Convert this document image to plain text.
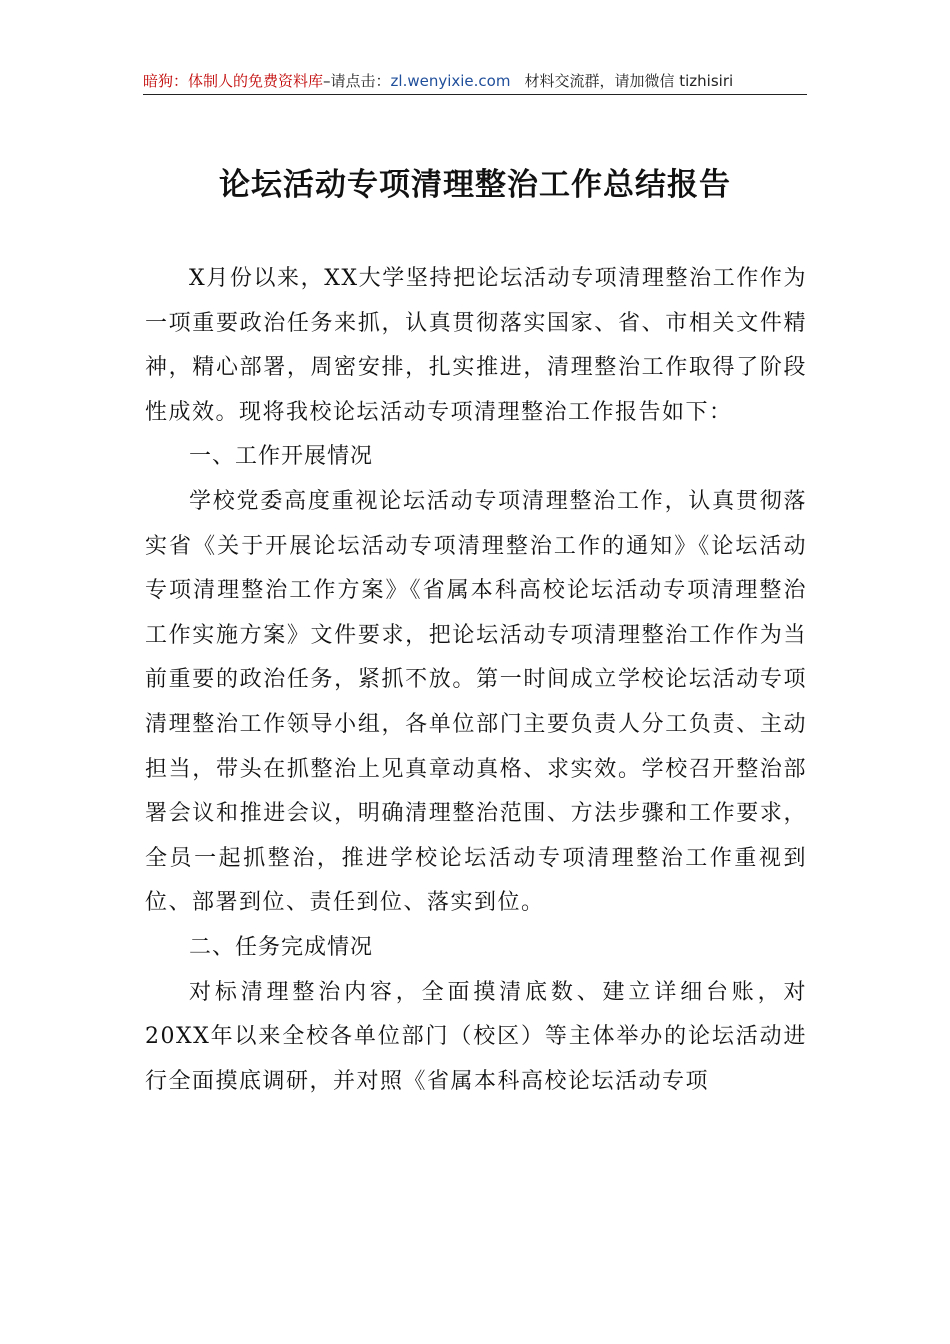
暗狗：体制人的免费资料库–请点击：zl.wenyixie.com 材料交流群，请加微信 tizhisiri
论坛活动专项清理整治工作总结报告

X月份以来，XX大学坚持把论坛活动专项清理整治工作作为一项重要政治任务来抓，认真贯彻落实国家、省、市相关文件精神，精心部署，周密安排，扎实推进，清理整治工作取得了阶段性成效。现将我校论坛活动专项清理整治工作报告如下：

一、工作开展情况

学校党委高度重视论坛活动专项清理整治工作，认真贯彻落实省《关于开展论坛活动专项清理整治工作的通知》《论坛活动专项清理整治工作方案》《省属本科高校论坛活动专项清理整治工作实施方案》文件要求，把论坛活动专项清理整治工作作为当前重要的政治任务，紧抓不放。第一时间成立学校论坛活动专项清理整治工作领导小组，各单位部门主要负责人分工负责、主动担当，带头在抓整治上见真章动真格、求实效。学校召开整治部署会议和推进会议，明确清理整治范围、方法步骤和工作要求，全员一起抓整治，推进学校论坛活动专项清理整治工作重视到位、部署到位、责任到位、落实到位。

二、任务完成情况

对标清理整治内容，全面摸清底数、建立详细台账，对20XX年以来全校各单位部门（校区）等主体举办的论坛活动进行全面摸底调研，并对照《省属本科高校论坛活动专项
